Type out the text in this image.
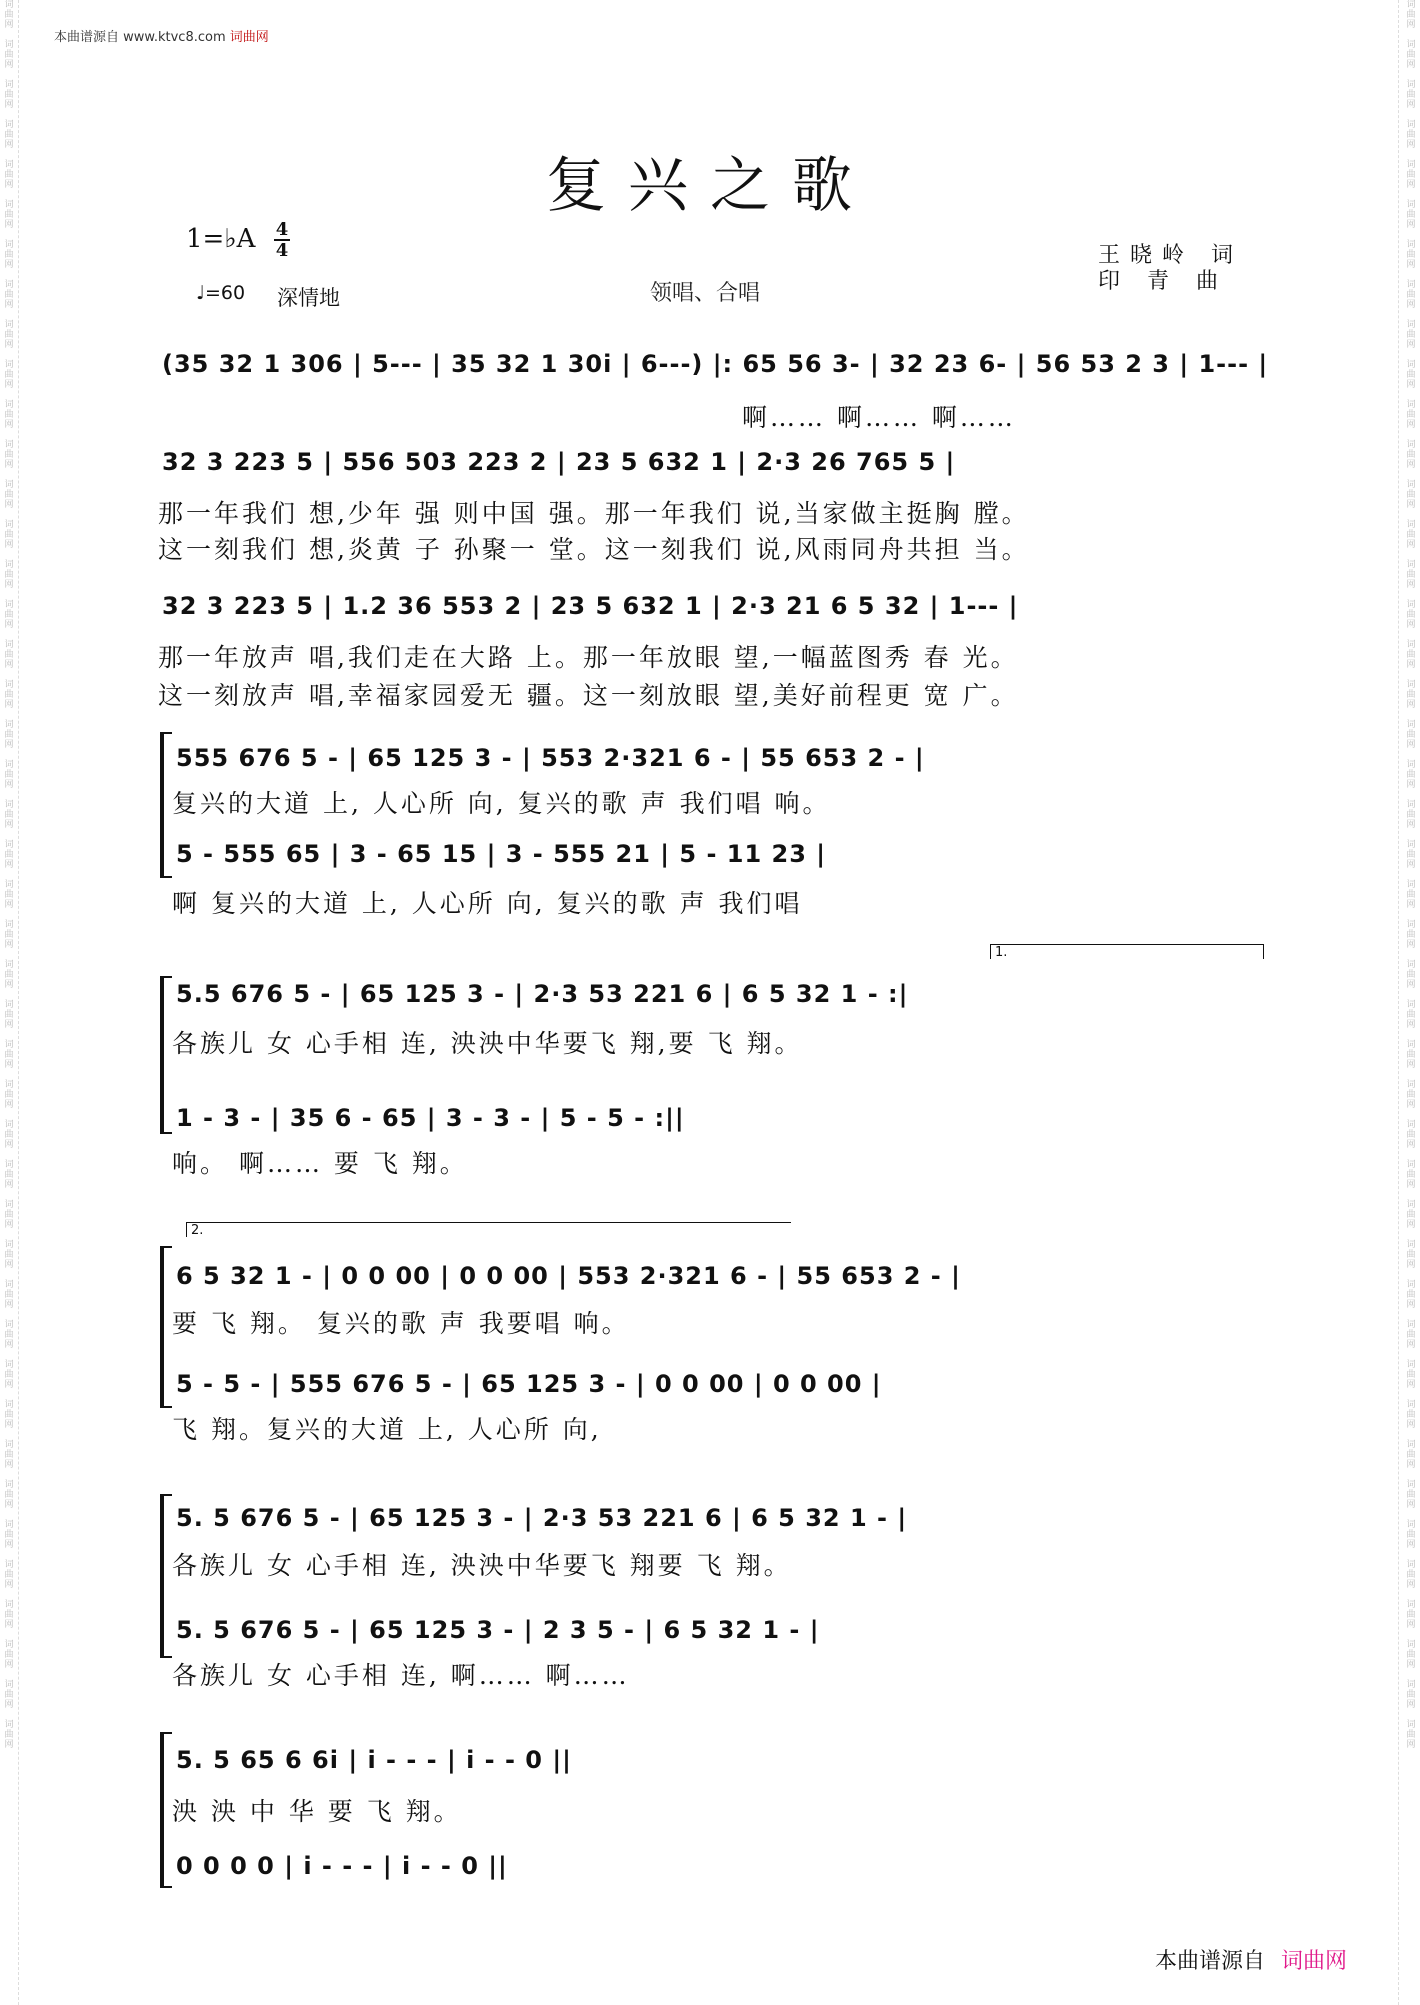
词
曲
网

词
曲
网

词
曲
网

词
曲
网

词
曲
网

词
曲
网

词
曲
网

词
曲
网

词
曲
网

词
曲
网

词
曲
网

词
曲
网

词
曲
网

词
曲
网

词
曲
网

词
曲
网

词
曲
网

词
曲
网

词
曲
网

词
曲
网

词
曲
网

词
曲
网

词
曲
网

词
曲
网

词
曲
网

词
曲
网

词
曲
网

词
曲
网

词
曲
网

词
曲
网

词
曲
网

词
曲
网

词
曲
网

词
曲
网

词
曲
网

词
曲
网

词
曲
网

词
曲
网

词
曲
网

词
曲
网

词
曲
网

词
曲
网

词
曲
网

词
曲
网

词
曲
网

词
曲
网

词
曲
网

词
曲
网

词
曲
网

词
曲
网

词
曲
网

词
曲
网

词
曲
网

词
曲
网

词
曲
网

词
曲
网

词
曲
网

词
曲
网

词
曲
网

词
曲
网

词
曲
网

词
曲
网

词
曲
网

词
曲
网

词
曲
网

词
曲
网

词
曲
网

词
曲
网

词
曲
网

词
曲
网

词
曲
网

词
曲
网

词
曲
网

词
曲
网

词
曲
网

词
曲
网

词
曲
网

词
曲
网

词
曲
网

词
曲
网

词
曲
网

词
曲
网

词
曲
网

词
曲
网

词
曲
网

词
曲
网

词
曲
网

词
曲
网

本曲谱源自 www.ktvc8.com 词曲网
复兴之歌
1=♭A 4
4
♩=60 深情地	领唱、合唱
王晓岭 词
印 青 曲
(35 32 1 306 | 5--- | 35 32 1 30i | 6---) |: 65 56 3- | 32 23 6- | 56 53 2 3 | 1--- |
啊…… 啊…… 啊……
32 3 223 5 | 556 503 223 2 | 23 5 632 1 | 2·3 26 765 5 |
那一年我们 想,少年 强 则中国 强。那一年我们 说,当家做主挺胸 膛。
这一刻我们 想,炎黄 子 孙聚一 堂。这一刻我们 说,风雨同舟共担 当。
32 3 223 5 | 1.2 36 553 2 | 23 5 632 1 | 2·3 21 6 5 32 | 1--- |
那一年放声 唱,我们走在大路 上。那一年放眼 望,一幅蓝图秀 春 光。
这一刻放声 唱,幸福家园爱无 疆。这一刻放眼 望,美好前程更 宽 广。
555 676 5 - | 65 125 3 - | 553 2·321 6 - | 55 653 2 - |
复兴的大道 上, 人心所 向, 复兴的歌 声 我们唱 响。
5 - 555 65 | 3 - 65 15 | 3 - 555 21 | 5 - 11 23 |
啊 复兴的大道 上, 人心所 向, 复兴的歌 声 我们唱
1.
5.5 676 5 - | 65 125 3 - | 2·3 53 221 6 | 6 5 32 1 - :|
各族儿 女 心手相 连, 泱泱中华要飞 翔,要 飞 翔。
1 - 3 - | 35 6 - 65 | 3 - 3 - | 5 - 5 - :||
响。 啊…… 要 飞 翔。
2.
6 5 32 1 - | 0 0 00 | 0 0 00 | 553 2·321 6 - | 55 653 2 - |
要 飞 翔。 复兴的歌 声 我要唱 响。
5 - 5 - | 555 676 5 - | 65 125 3 - | 0 0 00 | 0 0 00 |
飞 翔。复兴的大道 上, 人心所 向,
5. 5 676 5 - | 65 125 3 - | 2·3 53 221 6 | 6 5 32 1 - |
各族儿 女 心手相 连, 泱泱中华要飞 翔要 飞 翔。
5. 5 676 5 - | 65 125 3 - | 2 3 5 - | 6 5 32 1 - |
各族儿 女 心手相 连, 啊…… 啊……
5. 5 65 6 6i | i - - - | i - - 0 ||
泱 泱 中 华 要 飞 翔。
0 0 0 0 | i - - - | i - - 0 ||
本曲谱源自 词曲网
